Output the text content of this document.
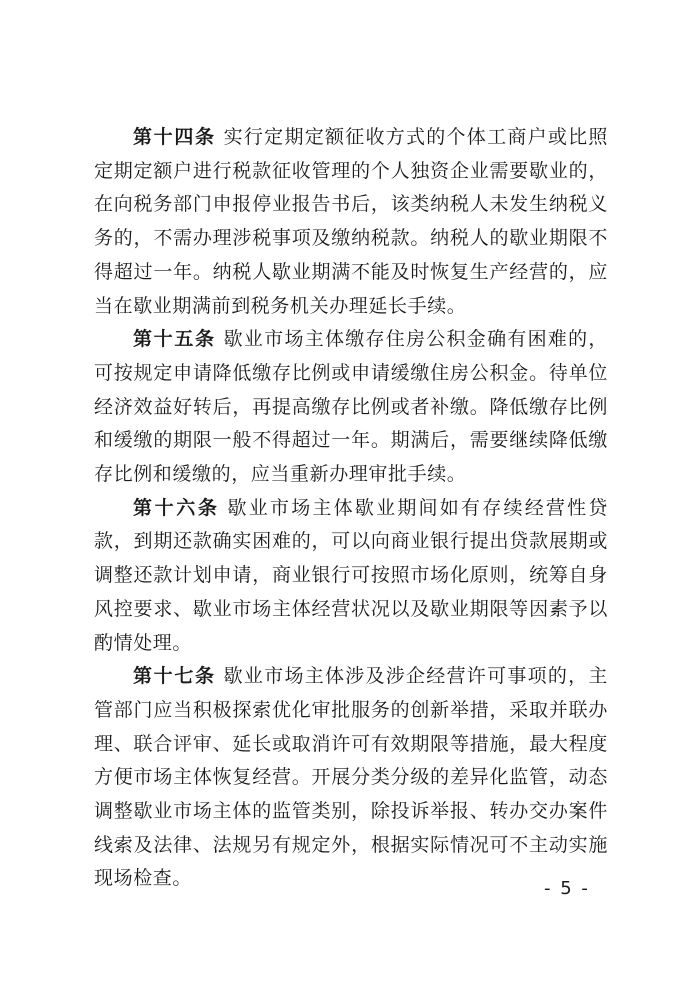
第十四条 实行定期定额征收方式的个体工商户或比照定期定额户进行税款征收管理的个人独资企业需要歇业的，在向税务部门申报停业报告书后，该类纳税人未发生纳税义务的，不需办理涉税事项及缴纳税款。纳税人的歇业期限不得超过一年。纳税人歇业期满不能及时恢复生产经营的，应当在歇业期满前到税务机关办理延长手续。

第十五条 歇业市场主体缴存住房公积金确有困难的，可按规定申请降低缴存比例或申请缓缴住房公积金。待单位经济效益好转后，再提高缴存比例或者补缴。降低缴存比例和缓缴的期限一般不得超过一年。期满后，需要继续降低缴存比例和缓缴的，应当重新办理审批手续。

第十六条 歇业市场主体歇业期间如有存续经营性贷款，到期还款确实困难的，可以向商业银行提出贷款展期或调整还款计划申请，商业银行可按照市场化原则，统筹自身风控要求、歇业市场主体经营状况以及歇业期限等因素予以酌情处理。

第十七条 歇业市场主体涉及涉企经营许可事项的，主管部门应当积极探索优化审批服务的创新举措，采取并联办理、联合评审、延长或取消许可有效期限等措施，最大程度方便市场主体恢复经营。开展分类分级的差异化监管，动态调整歇业市场主体的监管类别，除投诉举报、转办交办案件线索及法律、法规另有规定外，根据实际情况可不主动实施现场检查。	- 5 -
